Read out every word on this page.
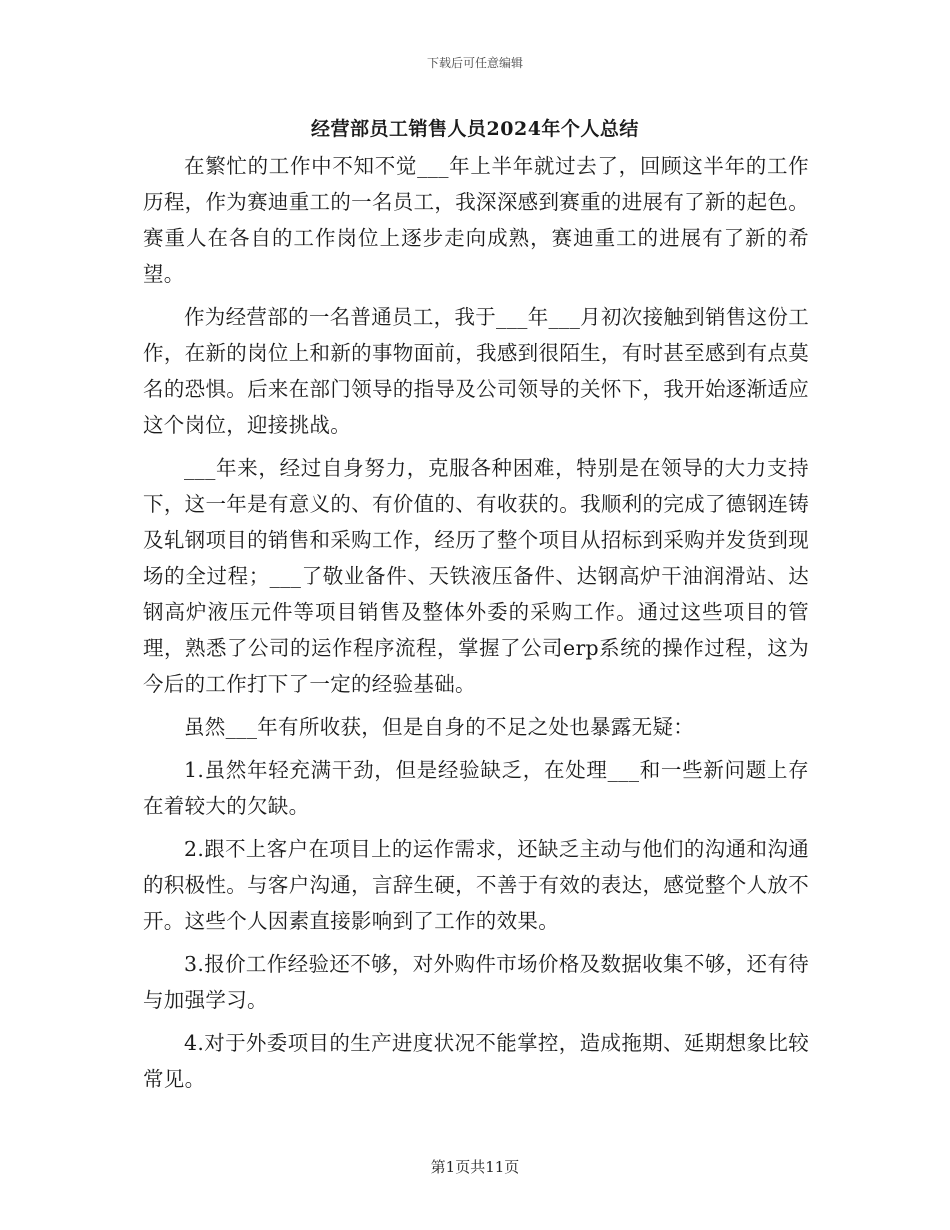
下载后可任意编辑
经营部员工销售人员2024年个人总结

在繁忙的工作中不知不觉___年上半年就过去了，回顾这半年的工作历程，作为赛迪重工的一名员工，我深深感到赛重的进展有了新的起色。赛重人在各自的工作岗位上逐步走向成熟，赛迪重工的进展有了新的希望。

作为经营部的一名普通员工，我于___年___月初次接触到销售这份工作，在新的岗位上和新的事物面前，我感到很陌生，有时甚至感到有点莫名的恐惧。后来在部门领导的指导及公司领导的关怀下，我开始逐渐适应这个岗位，迎接挑战。

___年来，经过自身努力，克服各种困难，特别是在领导的大力支持下，这一年是有意义的、有价值的、有收获的。我顺利的完成了德钢连铸及轧钢项目的销售和采购工作，经历了整个项目从招标到采购并发货到现场的全过程；___了敬业备件、天铁液压备件、达钢高炉干油润滑站、达钢高炉液压元件等项目销售及整体外委的采购工作。通过这些项目的管理，熟悉了公司的运作程序流程，掌握了公司erp系统的操作过程，这为今后的工作打下了一定的经验基础。

虽然___年有所收获，但是自身的不足之处也暴露无疑：

1.虽然年轻充满干劲，但是经验缺乏，在处理___和一些新问题上存在着较大的欠缺。

2.跟不上客户在项目上的运作需求，还缺乏主动与他们的沟通和沟通的积极性。与客户沟通，言辞生硬，不善于有效的表达，感觉整个人放不开。这些个人因素直接影响到了工作的效果。

3.报价工作经验还不够，对外购件市场价格及数据收集不够，还有待与加强学习。

4.对于外委项目的生产进度状况不能掌控，造成拖期、延期想象比较常见。

第1页共11页
